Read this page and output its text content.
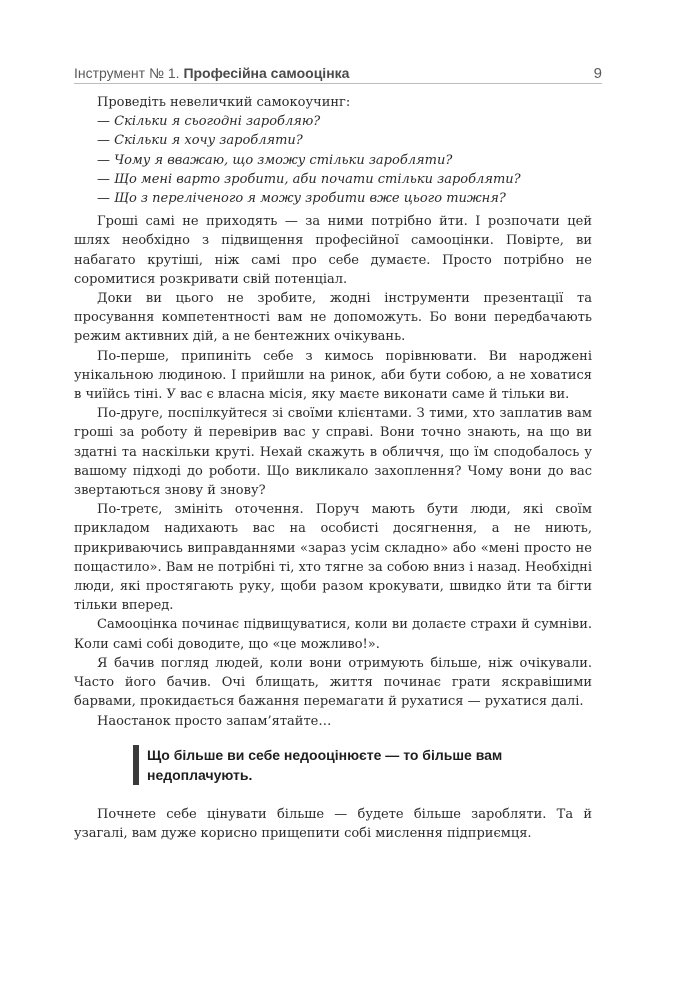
Інструмент № 1. Професійна самооцінка	9
Проведіть невеличкий самокоучинг:
— Скільки я сьогодні заробляю?
— Скільки я хочу заробляти?
— Чому я вважаю, що зможу стільки заробляти?
— Що мені варто зробити, аби почати стільки заробляти?
— Що з переліченого я можу зробити вже цього тижня?

Гроші самі не приходять — за ними потрібно йти. І розпочати цей шлях необхідно з підвищення професійної самооцінки. Повірте, ви набагато крутіші, ніж самі про себе думаєте. Просто потрібно не соромитися розкривати свій потенціал.

Доки ви цього не зробите, жодні інструменти презентації та просування компетентності вам не допоможуть. Бо вони передбачають режим активних дій, а не бентежних очікувань.

По-перше, припиніть себе з кимось порівнювати. Ви народжені унікальною людиною. І прийшли на ринок, аби бути собою, а не ховатися в чиїйсь тіні. У вас є власна місія, яку маєте виконати саме й тільки ви.

По-друге, поспілкуйтеся зі своїми клієнтами. З тими, хто заплатив вам гроші за роботу й перевірив вас у справі. Вони точно знають, на що ви здатні та наскільки круті. Нехай скажуть в обличчя, що їм сподобалось у вашому підході до роботи. Що викликало захоплення? Чому вони до вас звертаються знову й знову?

По-третє, змініть оточення. Поруч мають бути люди, які своїм прикладом надихають вас на особисті досягнення, а не ниють, прикриваючись виправданнями «зараз усім складно» або «мені просто не пощастило». Вам не потрібні ті, хто тягне за собою вниз і назад. Необхідні люди, які простягають руку, щоби разом крокувати, швидко йти та бігти тільки вперед.

Самооцінка починає підвищуватися, коли ви долаєте страхи й сумніви. Коли самі собі доводите, що «це можливо!».

Я бачив погляд людей, коли вони отримують більше, ніж очікували. Часто його бачив. Очі блищать, життя починає грати яскравішими барвами, прокидається бажання перемагати й рухатися — рухатися далі.

Наостанок просто запам’ятайте…

Що більше ви себе недооцінюєте — то більше вам недоплачують.

Почнете себе цінувати більше — будете більше заробляти. Та й узагалі, вам дуже корисно прищепити собі мислення підприємця.
